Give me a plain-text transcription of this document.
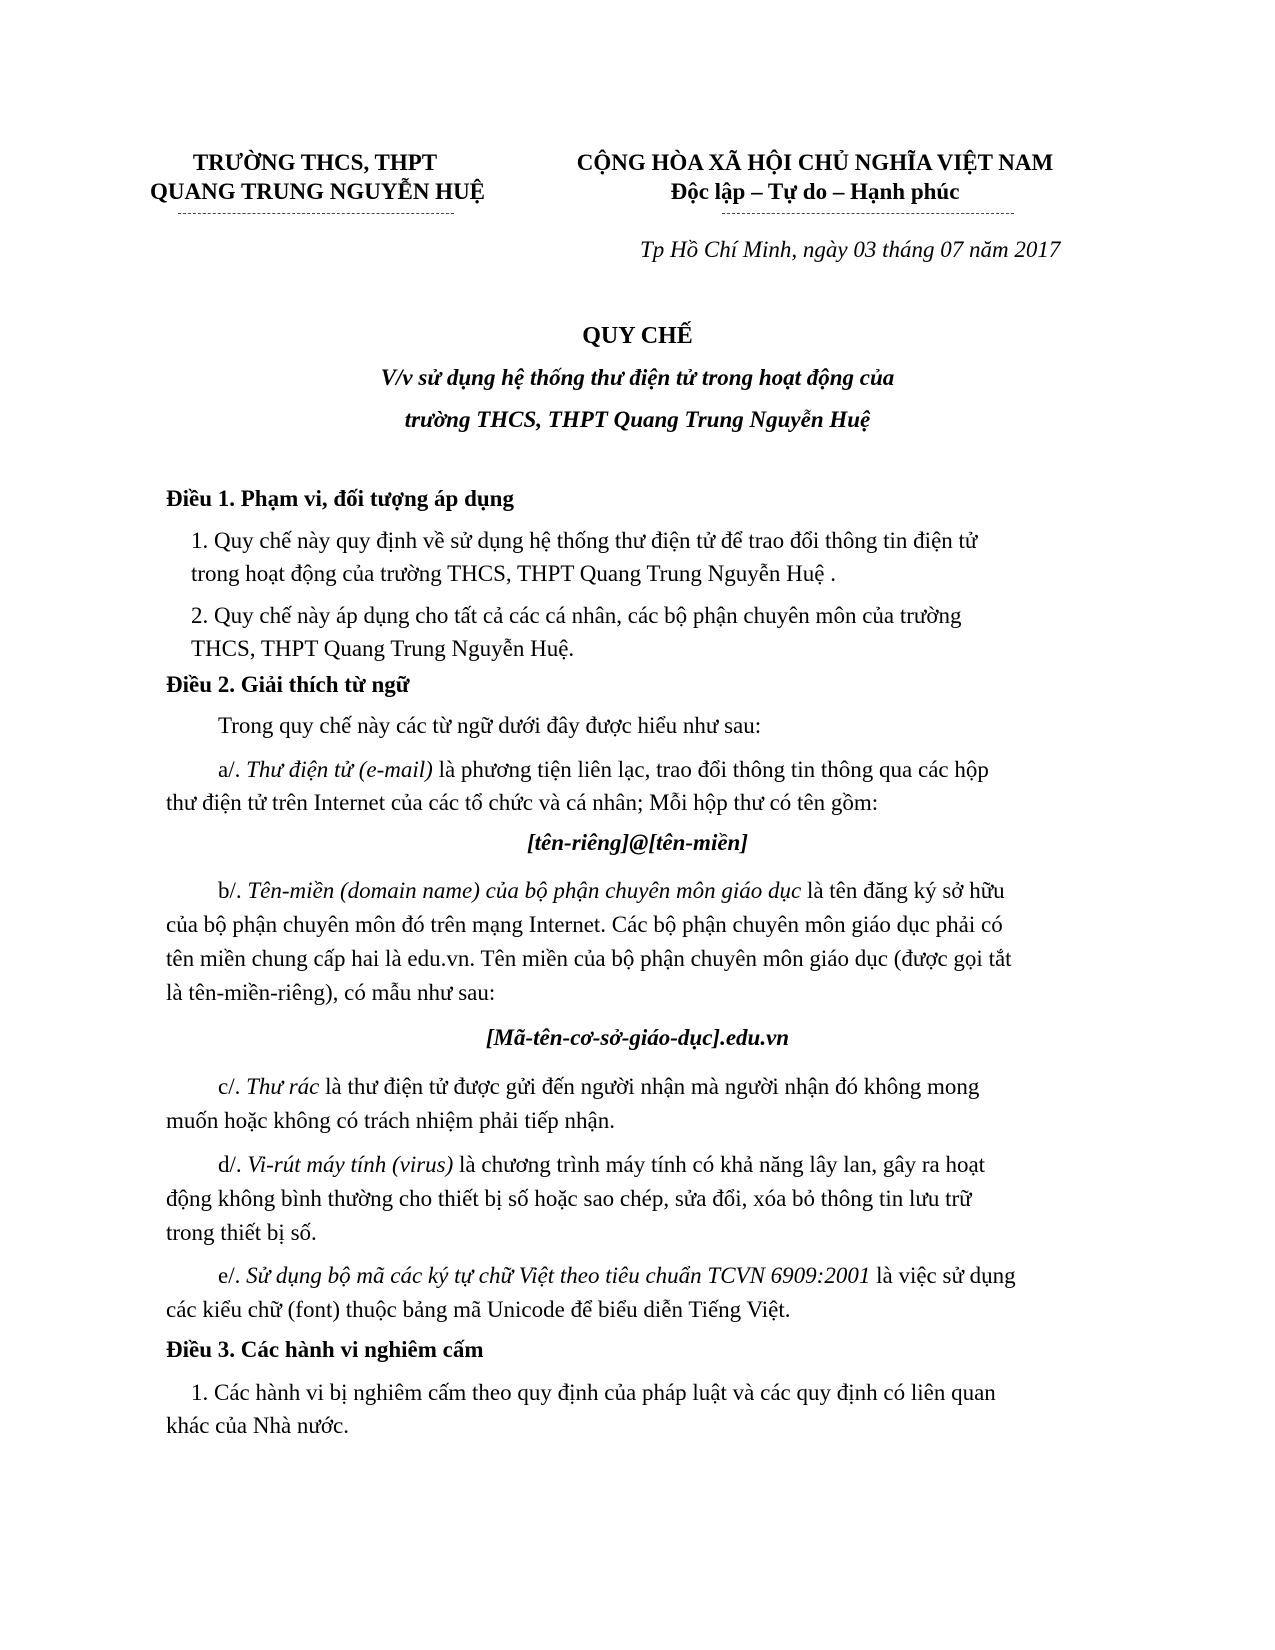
TRƯỜNG THCS, THPT
QUANG TRUNG NGUYỄN HUỆ
CỘNG HÒA XÃ HỘI CHỦ NGHĨA VIỆT NAM
Độc lập – Tự do – Hạnh phúc
Tp Hồ Chí Minh, ngày 03 tháng 07 năm 2017
QUY CHẾ
V/v sử dụng hệ thống thư điện tử trong hoạt động của
trường THCS, THPT Quang Trung Nguyễn Huệ
Điều 1. Phạm vi, đối tượng áp dụng
1. Quy chế này quy định về sử dụng hệ thống thư điện tử để trao đổi thông tin điện tử
trong hoạt động của trường THCS, THPT Quang Trung Nguyễn Huệ .
2. Quy chế này áp dụng cho tất cả các cá nhân, các bộ phận chuyên môn của trường
THCS, THPT Quang Trung Nguyễn Huệ.
Điều 2. Giải thích từ ngữ
Trong quy chế này các từ ngữ dưới đây được hiểu như sau:
a/. Thư điện tử (e-mail) là phương tiện liên lạc, trao đổi thông tin thông qua các hộp
thư điện tử trên Internet của các tổ chức và cá nhân; Mỗi hộp thư có tên gồm:
[tên-riêng]@[tên-miền]
b/. Tên-miền (domain name) của bộ phận chuyên môn giáo dục là tên đăng ký sở hữu
của bộ phận chuyên môn đó trên mạng Internet. Các bộ phận chuyên môn giáo dục phải có
tên miền chung cấp hai là edu.vn. Tên miền của bộ phận chuyên môn giáo dục (được gọi tắt
là tên-miền-riêng), có mẫu như sau:
[Mã-tên-cơ-sở-giáo-dục].edu.vn
c/. Thư rác là thư điện tử được gửi đến người nhận mà người nhận đó không mong
muốn hoặc không có trách nhiệm phải tiếp nhận.
d/. Vi-rút máy tính (virus) là chương trình máy tính có khả năng lây lan, gây ra hoạt
động không bình thường cho thiết bị số hoặc sao chép, sửa đổi, xóa bỏ thông tin lưu trữ
trong thiết bị số.
e/. Sử dụng bộ mã các ký tự chữ Việt theo tiêu chuẩn TCVN 6909:2001 là việc sử dụng
các kiểu chữ (font) thuộc bảng mã Unicode để biểu diễn Tiếng Việt.
Điều 3. Các hành vi nghiêm cấm
1. Các hành vi bị nghiêm cấm theo quy định của pháp luật và các quy định có liên quan
khác của Nhà nước.
